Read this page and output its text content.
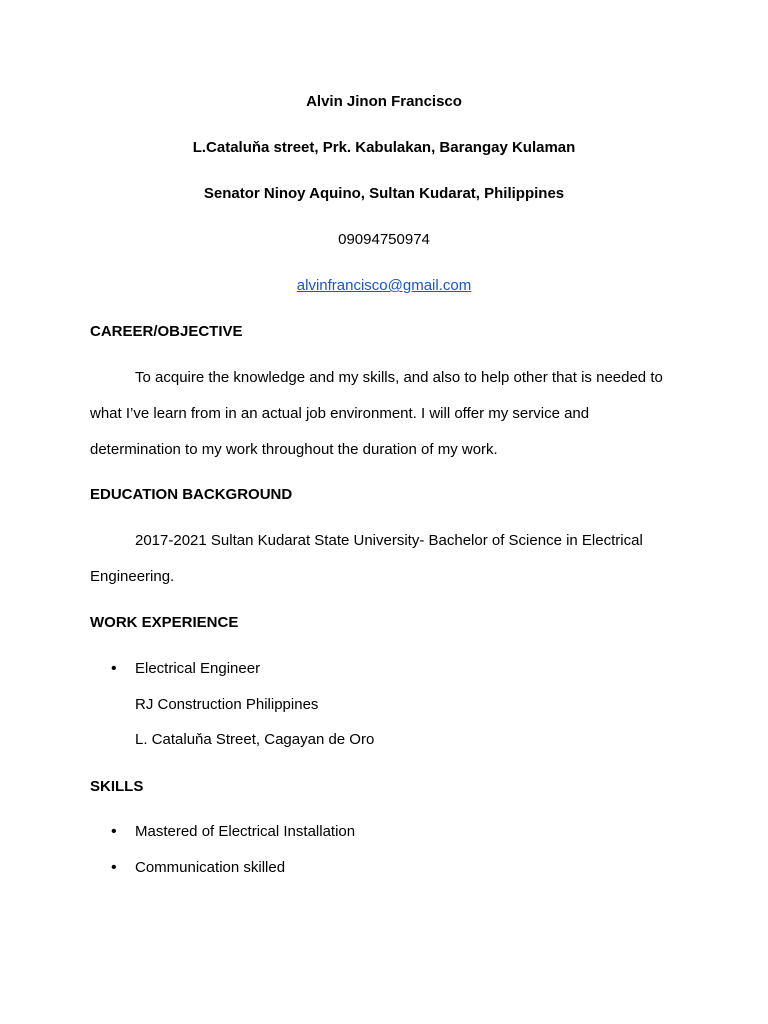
Alvin Jinon Francisco
L.Cataluňa street, Prk. Kabulakan, Barangay Kulaman
Senator Ninoy Aquino, Sultan Kudarat, Philippines
09094750974
alvinfrancisco@gmail.com
CAREER/OBJECTIVE
To acquire the knowledge and my skills, and also to help other that is needed to
what I’ve learn from in an actual job environment. I will offer my service and
determination to my work throughout the duration of my work.
EDUCATION BACKGROUND
2017-2021 Sultan Kudarat State University- Bachelor of Science in Electrical
Engineering.
WORK EXPERIENCE
• Electrical Engineer
RJ Construction Philippines
L. Cataluňa Street, Cagayan de Oro
SKILLS
• Mastered of Electrical Installation
• Communication skilled
